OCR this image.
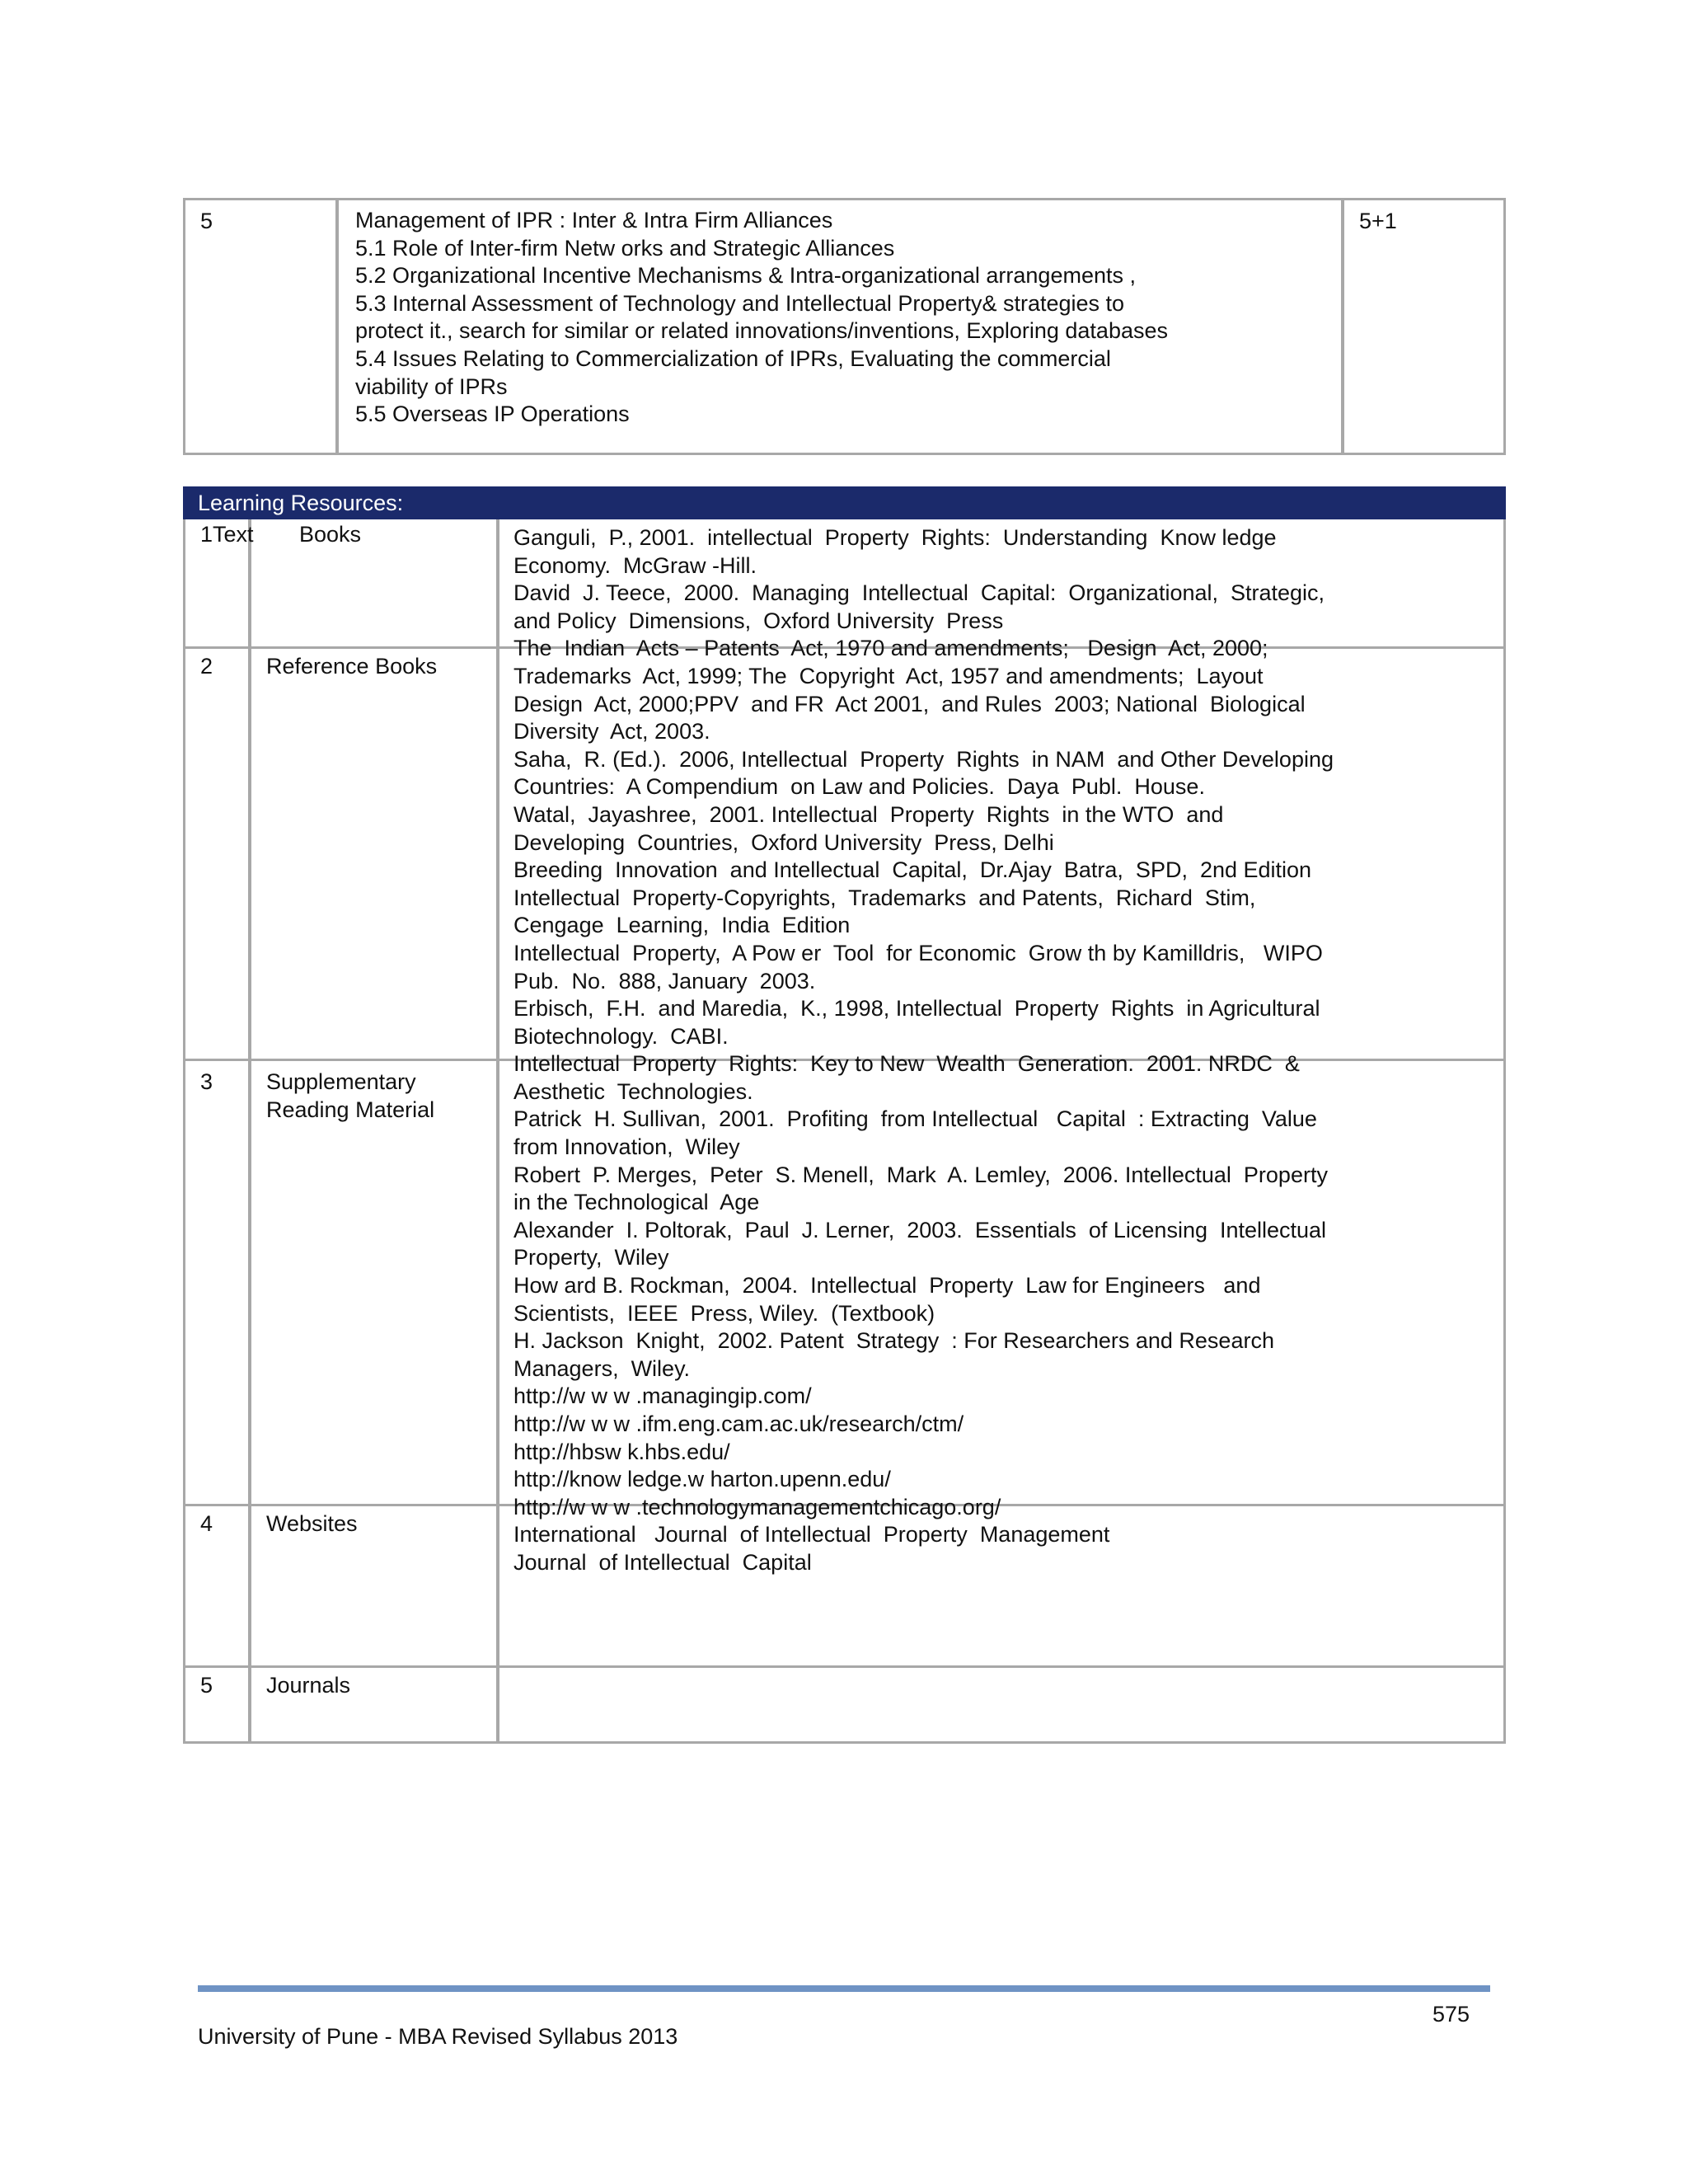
5	Management of IPR : Inter & Intra Firm Alliances
5.1 Role of Inter-firm Netw orks and Strategic Alliances
5.2 Organizational Incentive Mechanisms & Intra-organizational arrangements ,
5.3 Internal Assessment of Technology and Intellectual Property& strategies to
protect it., search for similar or related innovations/inventions, Exploring databases
5.4 Issues Relating to Commercialization of IPRs, Evaluating the commercial
viability of IPRs
5.5 Overseas IP Operations
5+1
Learning Resources:
1Text Books
2 Reference Books
3 Supplementary Reading Material
4 Websites
5 Journals
Ganguli,  P., 2001.  intellectual  Property  Rights:  Understanding  Know ledge
Economy.  McGraw -Hill.
David  J. Teece,  2000.  Managing  Intellectual  Capital:  Organizational,  Strategic,
and Policy  Dimensions,  Oxford University  Press
The  Indian  Acts – Patents  Act, 1970 and amendments;   Design  Act, 2000;
Trademarks  Act, 1999; The  Copyright  Act, 1957 and amendments;  Layout
Design  Act, 2000;PPV  and FR  Act 2001,  and Rules  2003; National  Biological
Diversity  Act, 2003.
Saha,  R. (Ed.).  2006, Intellectual  Property  Rights  in NAM  and Other Developing
Countries:  A Compendium  on Law and Policies.  Daya  Publ.  House.
Watal,  Jayashree,  2001. Intellectual  Property  Rights  in the WTO  and
Developing  Countries,  Oxford University  Press, Delhi
Breeding  Innovation  and Intellectual  Capital,  Dr.Ajay  Batra,  SPD,  2nd Edition
Intellectual  Property-Copyrights,  Trademarks  and Patents,  Richard  Stim,
Cengage  Learning,  India  Edition
Intellectual  Property,  A Pow er  Tool  for Economic  Grow th by Kamilldris,   WIPO
Pub.  No.  888, January  2003.
Erbisch,  F.H.  and Maredia,  K., 1998, Intellectual  Property  Rights  in Agricultural
Biotechnology.  CABI.
Intellectual  Property  Rights:  Key to New  Wealth  Generation.  2001. NRDC  &
Aesthetic  Technologies.
Patrick  H. Sullivan,  2001.  Profiting  from Intellectual   Capital  : Extracting  Value
from Innovation,  Wiley
Robert  P. Merges,  Peter  S. Menell,  Mark  A. Lemley,  2006. Intellectual  Property
in the Technological  Age
Alexander  I. Poltorak,  Paul  J. Lerner,  2003.  Essentials  of Licensing  Intellectual
Property,  Wiley
How ard B. Rockman,  2004.  Intellectual  Property  Law for Engineers   and
Scientists,  IEEE  Press, Wiley.  (Textbook)
H. Jackson  Knight,  2002. Patent  Strategy  : For Researchers and Research
Managers,  Wiley.
http://w w w .managingip.com/
http://w w w .ifm.eng.cam.ac.uk/research/ctm/
http://hbsw k.hbs.edu/
http://know ledge.w harton.upenn.edu/
http://w w w .technologymanagementchicago.org/
International   Journal  of Intellectual  Property  Management
Journal  of Intellectual  Capital
575
University of Pune - MBA Revised Syllabus 2013
